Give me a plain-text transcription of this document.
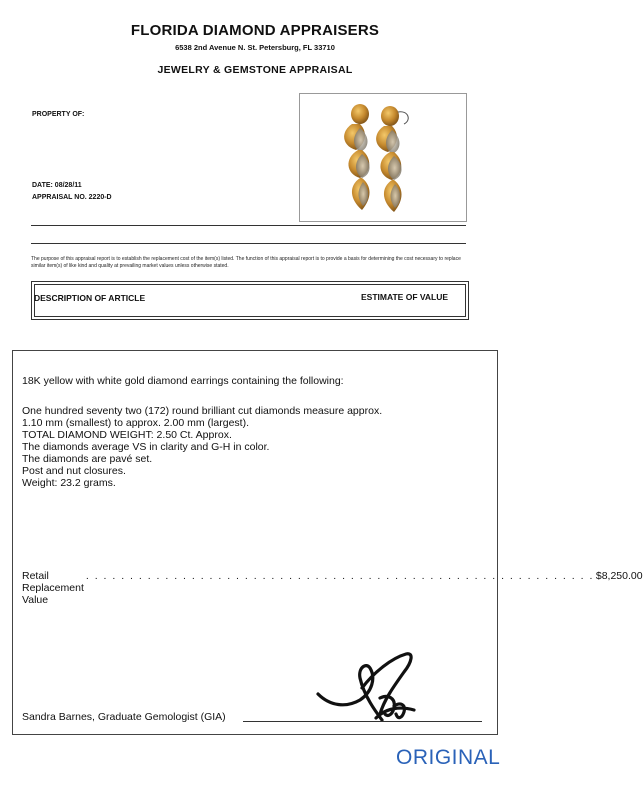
FLORIDA DIAMOND APPRAISERS
6538 2nd Avenue N. St. Petersburg, FL 33710
JEWELRY & GEMSTONE APPRAISAL
PROPERTY OF:
DATE: 08/28/11
APPRAISAL NO. 2220-D
The purpose of this appraisal report is to establish the replacement cost of the item(s) listed. The function of this appraisal report is to provide a basis for determining the cost necessary to replace similar item(s) of like kind and quality at prevailing market values unless otherwise stated.
DESCRIPTION OF ARTICLE	ESTIMATE OF VALUE
18K yellow with white gold diamond earrings containing the following:
One hundred seventy two (172) round brilliant cut diamonds measure approx.
1.10 mm (smallest) to approx. 2.00 mm (largest).
TOTAL DIAMOND WEIGHT: 2.50 Ct. Approx.
The diamonds average VS in clarity and G-H in color.
The diamonds are pavé set.
Post and nut closures.
Weight: 23.2 grams.
Retail Replacement Value
. . . . . . . . . . . . . . . . . . . . . . . . . . . . . . . . . . . . . . . . . . . . . . . . . . . . . . . . . . $8,250.00
Sandra Barnes, Graduate Gemologist (GIA)
ORIGINAL
